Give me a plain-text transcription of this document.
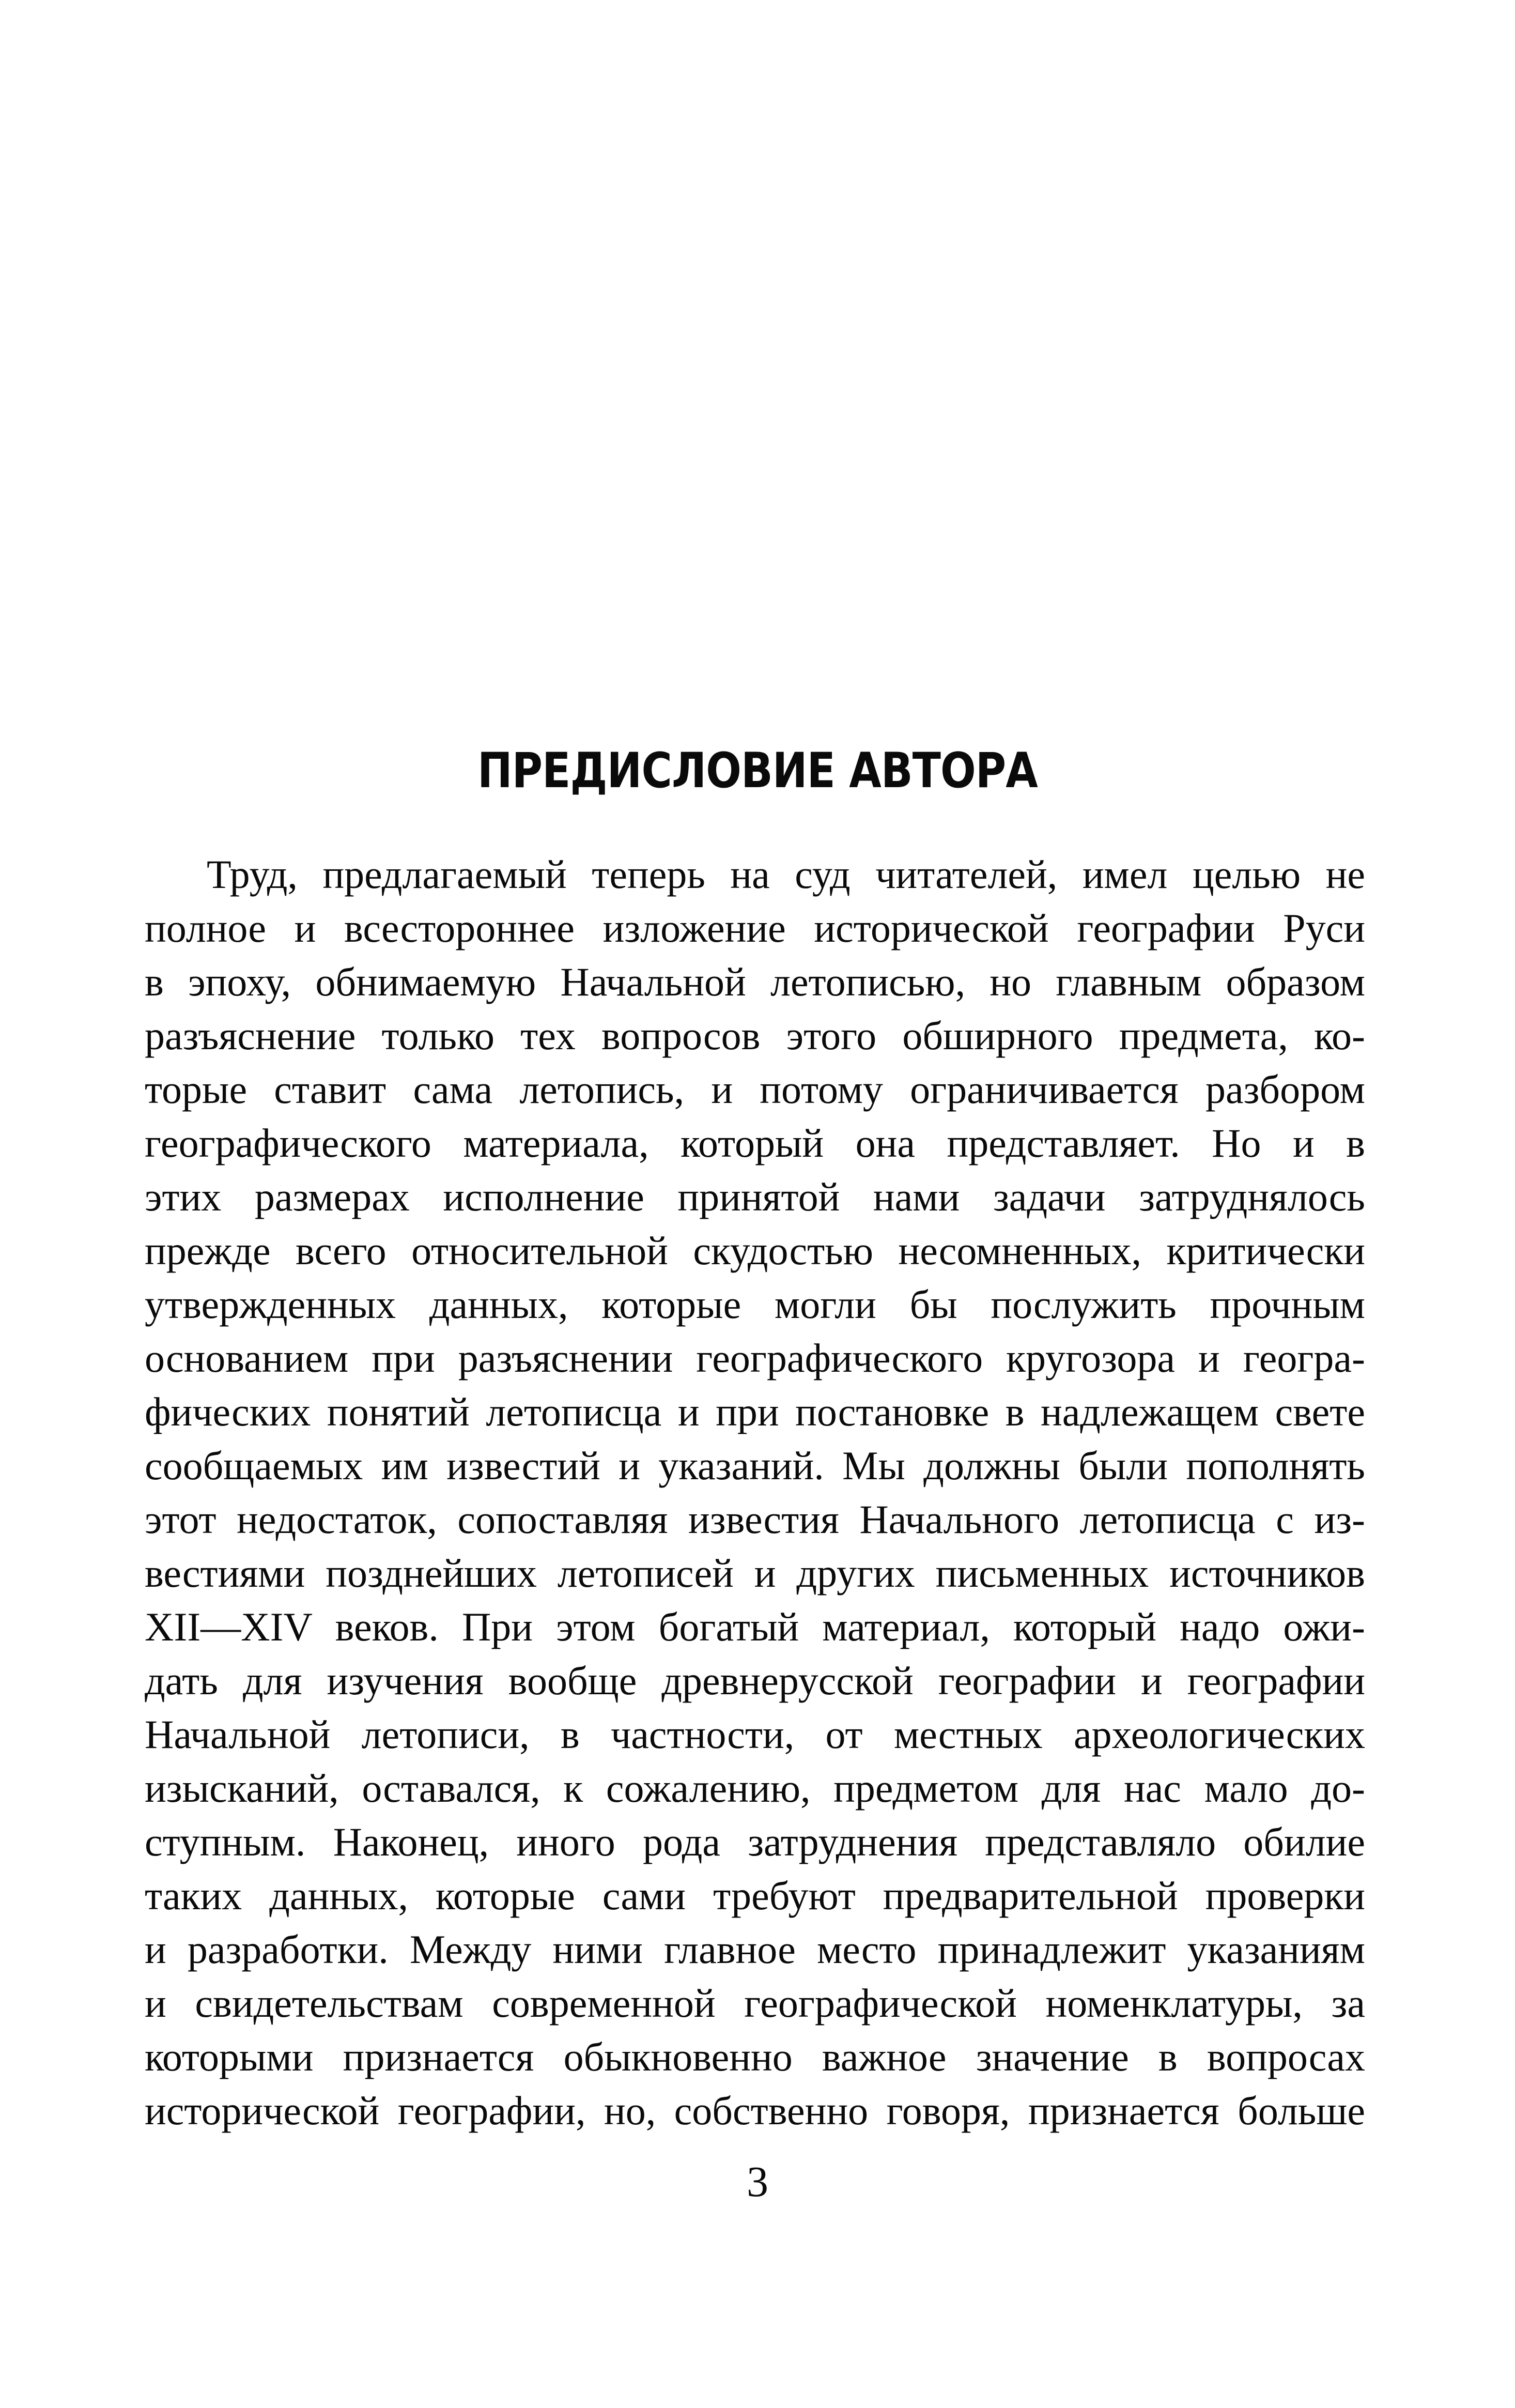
ПРЕДИСЛОВИЕ АВТОРА
Труд, предлагаемый теперь на суд читателей, имел целью не
полное и всестороннее изложение исторической географии Руси
в эпоху, обнимаемую Начальной летописью, но главным образом
разъяснение только тех вопросов этого обширного предмета, ко-
торые ставит сама летопись, и потому ограничивается разбором
географического материала, который она представляет. Но и в
этих размерах исполнение принятой нами задачи затруднялось
прежде всего относительной скудостью несомненных, критически
утвержденных данных, которые могли бы послужить прочным
основанием при разъяснении географического кругозора и геогра-
фических понятий летописца и при постановке в надлежащем свете
сообщаемых им известий и указаний. Мы должны были пополнять
этот недостаток, сопоставляя известия Начального летописца с из-
вестиями позднейших летописей и других письменных источников
XII—XIV веков. При этом богатый материал, который надо ожи-
дать для изучения вообще древнерусской географии и географии
Начальной летописи, в частности, от местных археологических
изысканий, оставался, к сожалению, предметом для нас мало до-
ступным. Наконец, иного рода затруднения представляло обилие
таких данных, которые сами требуют предварительной проверки
и разработки. Между ними главное место принадлежит указаниям
и свидетельствам современной географической номенклатуры, за
которыми признается обыкновенно важное значение в вопросах
исторической географии, но, собственно говоря, признается больше
3
